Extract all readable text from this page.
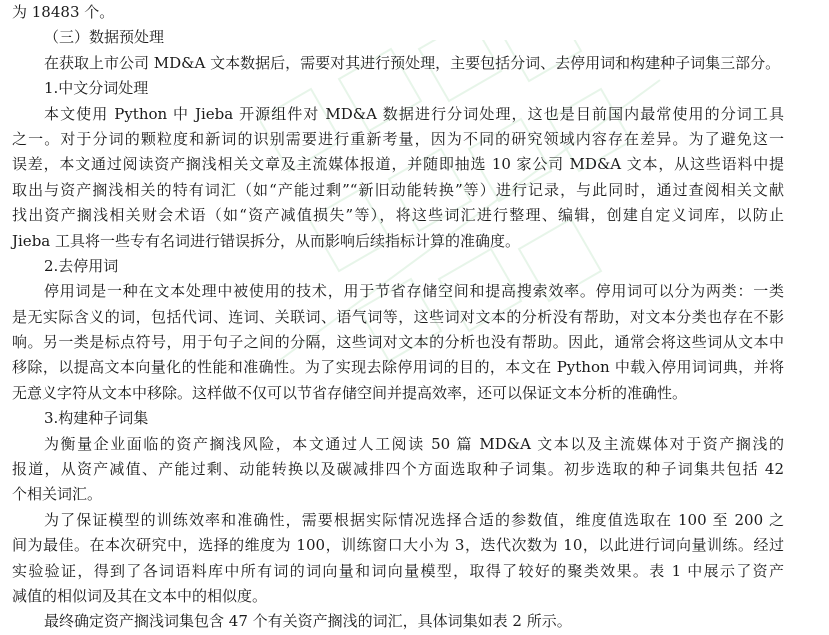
为 18483 个。

（三）数据预处理

在获取上市公司 MD&A 文本数据后，需要对其进行预处理，主要包括分词、去停用词和构建种子词集三部分。

1.中文分词处理

本文使用 Python 中 Jieba 开源组件对 MD&A 数据进行分词处理，这也是目前国内最常使用的分词工具

之一。对于分词的颗粒度和新词的识别需要进行重新考量，因为不同的研究领域内容存在差异。为了避免这一

误差，本文通过阅读资产搁浅相关文章及主流媒体报道，并随即抽选 10 家公司 MD&A 文本，从这些语料中提

取出与资产搁浅相关的特有词汇（如“产能过剩”“新旧动能转换”等）进行记录，与此同时，通过查阅相关文献

找出资产搁浅相关财会术语（如“资产减值损失”等），将这些词汇进行整理、编辑，创建自定义词库，以防止

Jieba 工具将一些专有名词进行错误拆分，从而影响后续指标计算的准确度。

2.去停用词

停用词是一种在文本处理中被使用的技术，用于节省存储空间和提高搜索效率。停用词可以分为两类：一类

是无实际含义的词，包括代词、连词、关联词、语气词等，这些词对文本的分析没有帮助，对文本分类也存在不影

响。另一类是标点符号，用于句子之间的分隔，这些词对文本的分析也没有帮助。因此，通常会将这些词从文本中

移除，以提高文本向量化的性能和准确性。为了实现去除停用词的目的，本文在 Python 中载入停用词词典，并将

无意义字符从文本中移除。这样做不仅可以节省存储空间并提高效率，还可以保证文本分析的准确性。

3.构建种子词集

为衡量企业面临的资产搁浅风险，本文通过人工阅读 50 篇 MD&A 文本以及主流媒体对于资产搁浅的

报道，从资产减值、产能过剩、动能转换以及碳减排四个方面选取种子词集。初步选取的种子词集共包括 42

个相关词汇。

为了保证模型的训练效率和准确性，需要根据实际情况选择合适的参数值，维度值选取在 100 至 200 之

间为最佳。在本次研究中，选择的维度为 100，训练窗口大小为 3，迭代次数为 10，以此进行词向量训练。经过

实验验证，得到了各词语料库中所有词的词向量和词向量模型，取得了较好的聚类效果。表 1 中展示了资产

减值的相似词及其在文本中的相似度。

最终确定资产搁浅词集包含 47 个有关资产搁浅的词汇，具体词集如表 2 所示。
